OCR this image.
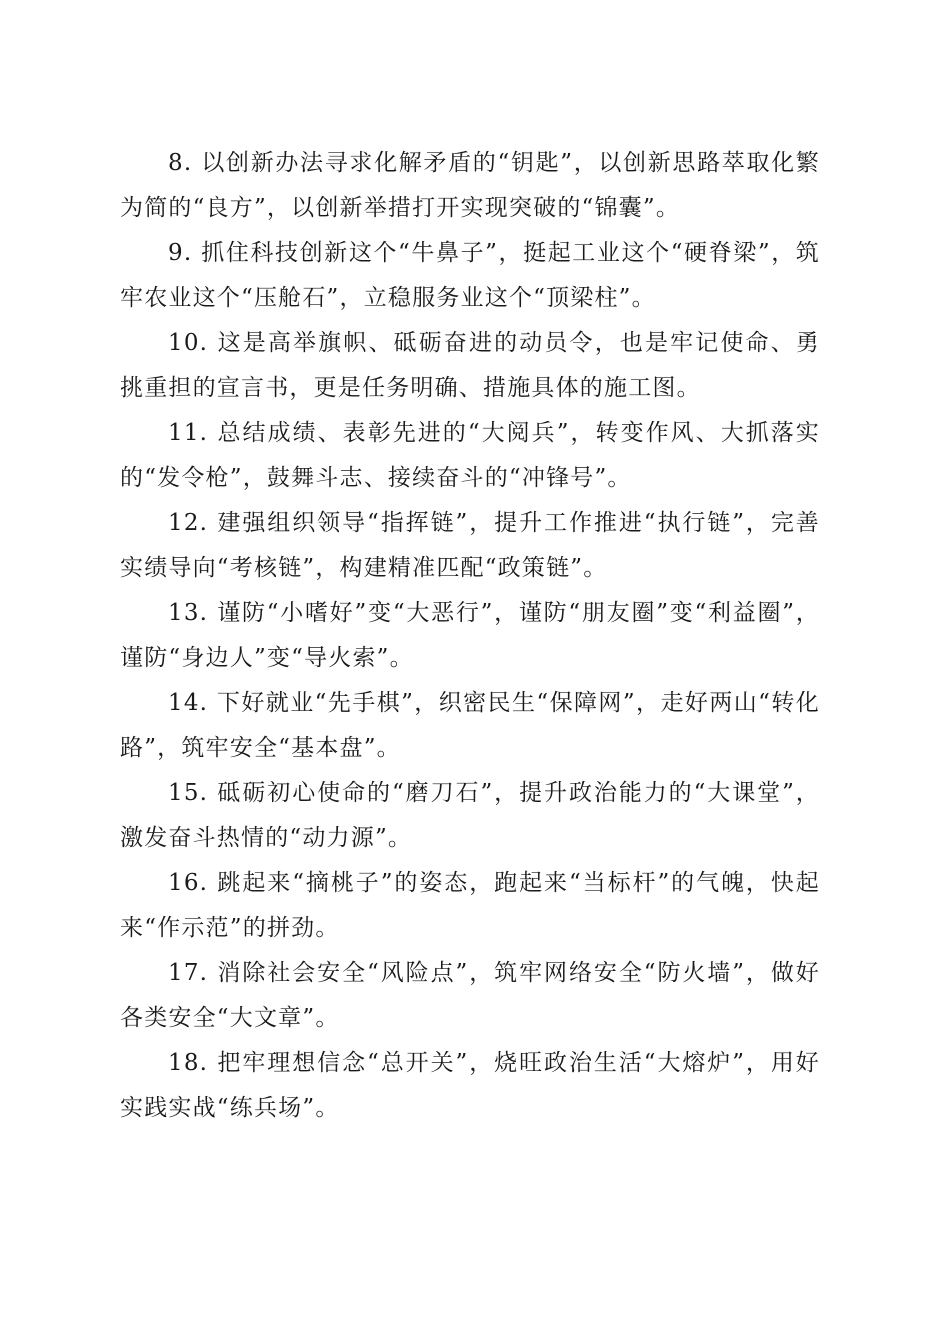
8. 以创新办法寻求化解矛盾的“钥匙”，以创新思路萃取化繁为简的“良方”，以创新举措打开实现突破的“锦囊”。

9. 抓住科技创新这个“牛鼻子”，挺起工业这个“硬脊梁”，筑牢农业这个“压舱石”，立稳服务业这个“顶梁柱”。

10. 这是高举旗帜、砥砺奋进的动员令，也是牢记使命、勇挑重担的宣言书，更是任务明确、措施具体的施工图。

11. 总结成绩、表彰先进的“大阅兵”，转变作风、大抓落实的“发令枪”，鼓舞斗志、接续奋斗的“冲锋号”。

12. 建强组织领导“指挥链”，提升工作推进“执行链”，完善实绩导向“考核链”，构建精准匹配“政策链”。

13. 谨防“小嗜好”变“大恶行”，谨防“朋友圈”变“利益圈”，谨防“身边人”变“导火索”。

14. 下好就业“先手棋”，织密民生“保障网”，走好两山“转化路”，筑牢安全“基本盘”。

15. 砥砺初心使命的“磨刀石”，提升政治能力的“大课堂”，激发奋斗热情的“动力源”。

16. 跳起来“摘桃子”的姿态，跑起来“当标杆”的气魄，快起来“作示范”的拼劲。

17. 消除社会安全“风险点”，筑牢网络安全“防火墙”，做好各类安全“大文章”。

18. 把牢理想信念“总开关”，烧旺政治生活“大熔炉”，用好实践实战“练兵场”。
